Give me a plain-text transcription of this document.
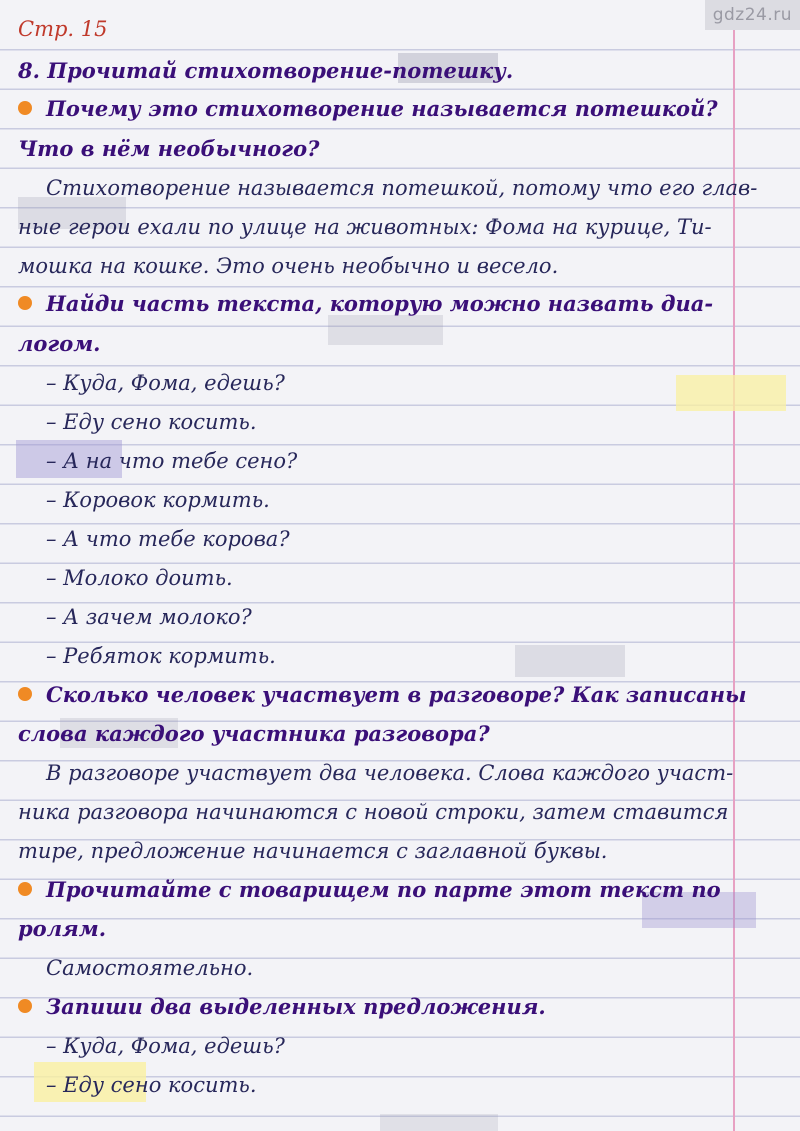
gdz24.ru
Стр. 15
8. Прочитай стихотворение-потешку.
Почему это стихотворение называется потешкой?
Что в нём необычного?
Стихотворение называется потешкой, потому что его глав-
ные герои ехали по улице на животных: Фома на курице, Ти-
мошка на кошке. Это очень необычно и весело.
Найди часть текста, которую можно назвать диа-
логом.
– Куда, Фома, едешь?
– Еду сено косить.
– А на что тебе сено?
– Коровок кормить.
– А что тебе корова?
– Молоко доить.
– А зачем молоко?
– Ребяток кормить.
Сколько человек участвует в разговоре? Как записаны
слова каждого участника разговора?
В разговоре участвует два человека. Слова каждого участ-
ника разговора начинаются с новой строки, затем ставится
тире, предложение начинается с заглавной буквы.
Прочитайте с товарищем по парте этот текст по
ролям.
Самостоятельно.
Запиши два выделенных предложения.
– Куда, Фома, едешь?
– Еду сено косить.
